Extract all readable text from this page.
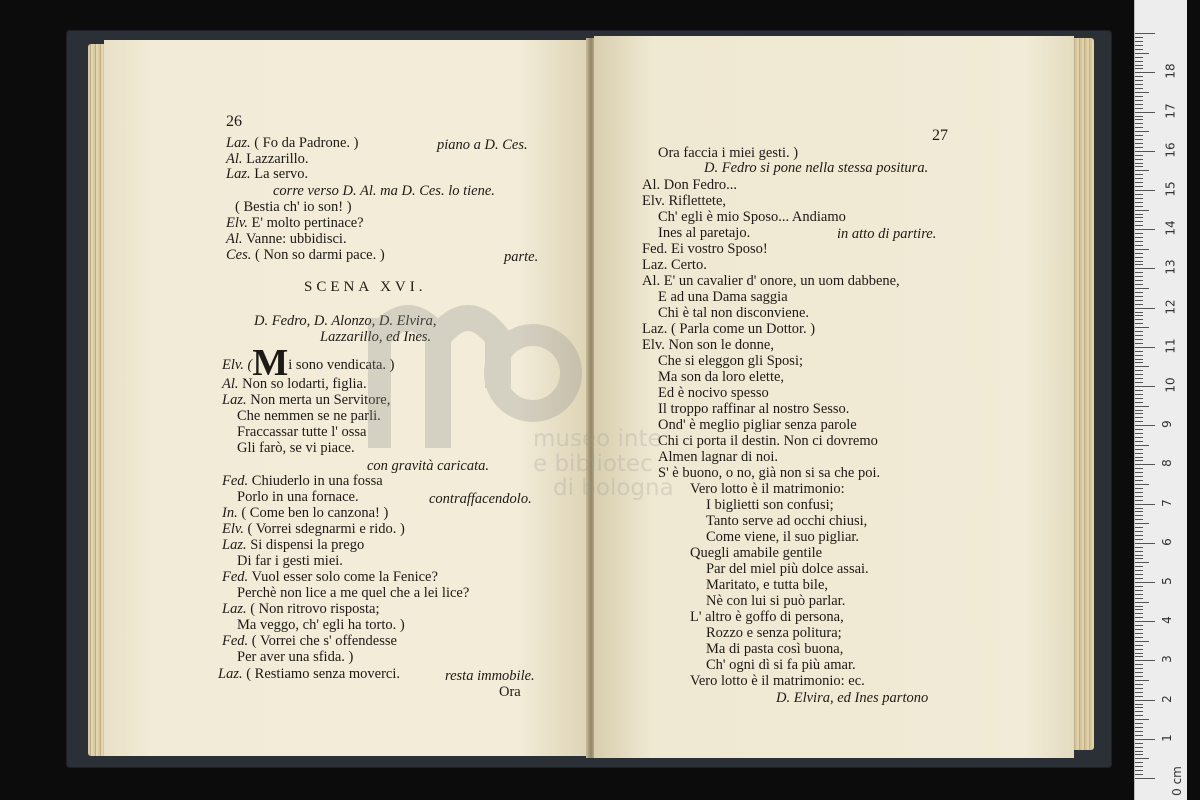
26
Laz. ( Fo da Padrone. )	piano a D. Ces.
Al. Lazzarillo.
Laz. La servo.
corre verso D. Al. ma D. Ces. lo tiene.
( Bestia ch' io son! )
Elv. E' molto pertinace?
Al. Vanne: ubbidisci.
Ces. ( Non so darmi pace. )	parte.
SCENA XVI.
D. Fedro, D. Alonzo, D. Elvira,
Lazzarillo, ed Ines.
Elv. (Mi sono vendicata. )
Al. Non so lodarti, figlia.
Laz. Non merta un Servitore,
Che nemmen se ne parli.
Fraccassar tutte l' ossa
Gli farò, se vi piace.
con gravità caricata.
Fed. Chiuderlo in una fossa
Porlo in una fornace.	contraffacendolo.
In. ( Come ben lo canzona! )
Elv. ( Vorrei sdegnarmi e rido. )
Laz. Si dispensi la prego
Di far i gesti miei.
Fed. Vuol esser solo come la Fenice?
Perchè non lice a me quel che a lei lice?
Laz. ( Non ritrovo risposta;
Ma veggo, ch' egli ha torto. )
Fed. ( Vorrei che s' offendesse
Per aver una sfida. )
Laz. ( Restiamo senza moverci.	resta immobile.
Ora
27
Ora faccia i miei gesti. )
D. Fedro si pone nella stessa positura.
Al. Don Fedro...
Elv. Riflettete,
Ch' egli è mio Sposo... Andiamo
Ines al paretajo.	in atto di partire.
Fed. Ei vostro Sposo!
Laz. Certo.
Al. E' un cavalier d' onore, un uom dabbene,
E ad una Dama saggia
Chi è tal non disconviene.
Laz. ( Parla come un Dottor. )
Elv. Non son le donne,
Che si eleggon gli Sposi;
Ma son da loro elette,
Ed è nocivo spesso
Il troppo raffinar al nostro Sesso.
Ond' è meglio pigliar senza parole
Chi ci porta il destin. Non ci dovremo
Almen lagnar di noi.
S' è buono, o no, già non si sa che poi.
Vero lotto è il matrimonio:
I biglietti son confusi;
Tanto serve ad occhi chiusi,
Come viene, il suo pigliar.
Quegli amabile gentile
Par del miel più dolce assai.
Maritato, e tutta bile,
Nè con lui si può parlar.
L' altro è goffo di persona,
Rozzo e senza politura;
Ma di pasta così buona,
Ch' ogni dì si fa più amar.
Vero lotto è il matrimonio: ec.
D. Elvira, ed Ines partono
museo inte
e bibliotec
di bologna
1
2
3
4
5
6
7
8
9
10
11
12
13
14
15
16
17
18
0 cm
